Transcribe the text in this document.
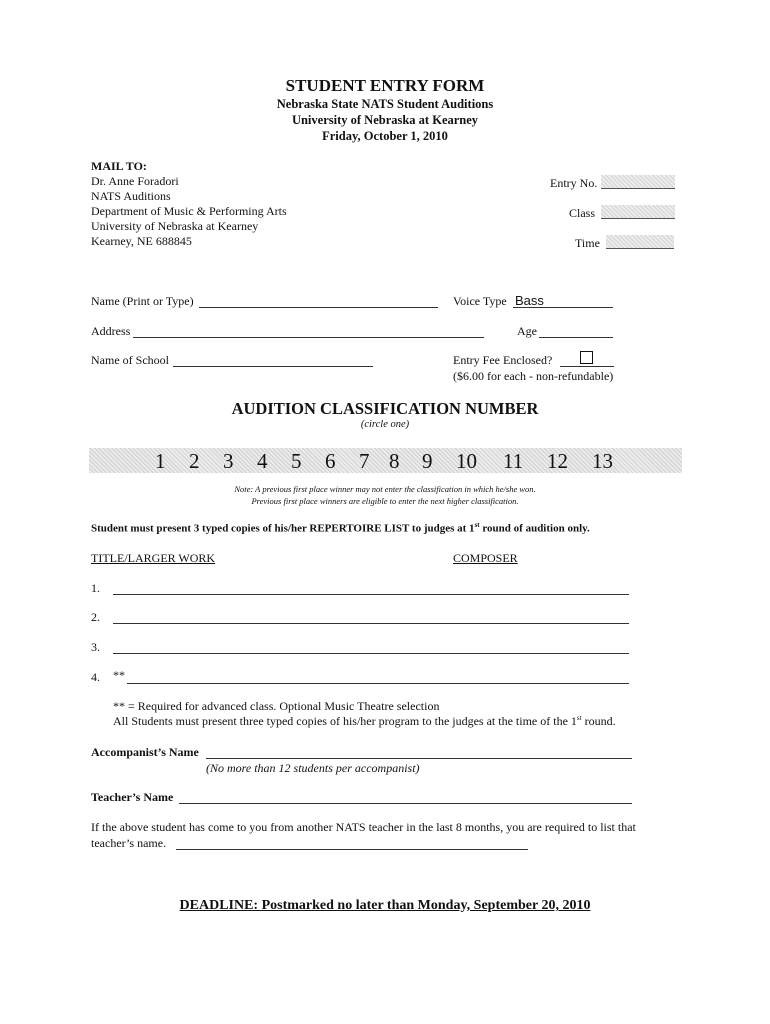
STUDENT ENTRY FORM
Nebraska State NATS Student Auditions
University of Nebraska at Kearney
Friday, October 1, 2010
MAIL TO:
Dr. Anne Foradori
NATS Auditions
Department of Music & Performing Arts
University of Nebraska at Kearney
Kearney, NE 688845
Entry No.
Class
Time
Name (Print or Type)	Voice Type Bass
Address	Age
Name of School	Entry Fee Enclosed?
($6.00 for each - non-refundable)
AUDITION CLASSIFICATION NUMBER
(circle one)
1 2 3 4 5 6 7 8 9 10 11 12 13
Note: A previous first place winner may not enter the classification in which he/she won.
Previous first place winners are eligible to enter the next higher classification.
Student must present 3 typed copies of his/her REPERTOIRE LIST to judges at 1st round of audition only.
TITLE/LARGER WORK	COMPOSER
1.
2.
3.
4. **
** = Required for advanced class. Optional Music Theatre selection
All Students must present three typed copies of his/her program to the judges at the time of the 1st round.
Accompanist’s Name
(No more than 12 students per accompanist)
Teacher’s Name
If the above student has come to you from another NATS teacher in the last 8 months, you are required to list that
teacher’s name.
DEADLINE: Postmarked no later than Monday, September 20, 2010
